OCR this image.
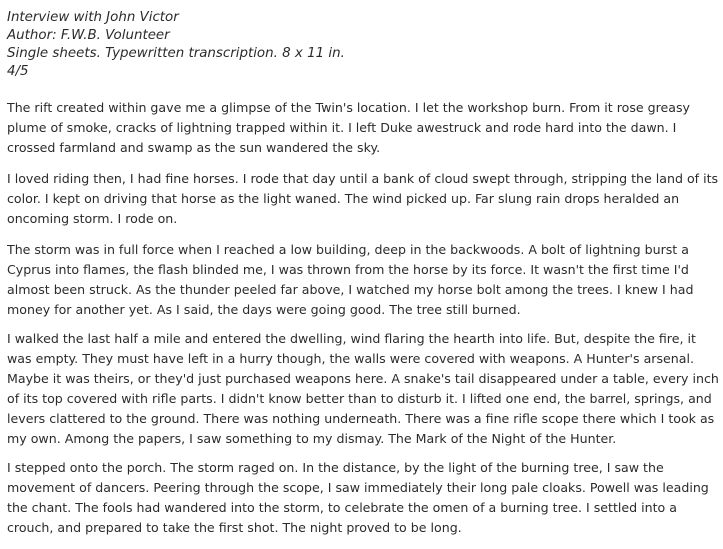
Interview with John Victor

Author: F.W.B. Volunteer

Single sheets. Typewritten transcription. 8 x 11 in.

4/5

The rift created within gave me a glimpse of the Twin's location. I let the workshop burn. From it rose greasy plume of smoke, cracks of lightning trapped within it. I left Duke awestruck and rode hard into the dawn. I crossed farmland and swamp as the sun wandered the sky.

I loved riding then, I had fine horses. I rode that day until a bank of cloud swept through, stripping the land of its color. I kept on driving that horse as the light waned. The wind picked up. Far slung rain drops heralded an oncoming storm. I rode on.

The storm was in full force when I reached a low building, deep in the backwoods. A bolt of lightning burst a Cyprus into flames, the flash blinded me, I was thrown from the horse by its force. It wasn't the first time I'd almost been struck. As the thunder peeled far above, I watched my horse bolt among the trees. I knew I had money for another yet. As I said, the days were going good. The tree still burned.

I walked the last half a mile and entered the dwelling, wind flaring the hearth into life. But, despite the fire, it was empty. They must have left in a hurry though, the walls were covered with weapons. A Hunter's arsenal. Maybe it was theirs, or they'd just purchased weapons here. A snake's tail disappeared under a table, every inch of its top covered with rifle parts. I didn't know better than to disturb it. I lifted one end, the barrel, springs, and levers clattered to the ground. There was nothing underneath. There was a fine rifle scope there which I took as my own. Among the papers, I saw something to my dismay. The Mark of the Night of the Hunter.

I stepped onto the porch. The storm raged on. In the distance, by the light of the burning tree, I saw the movement of dancers. Peering through the scope, I saw immediately their long pale cloaks. Powell was leading the chant. The fools had wandered into the storm, to celebrate the omen of a burning tree. I settled into a crouch, and prepared to take the first shot. The night proved to be long.
